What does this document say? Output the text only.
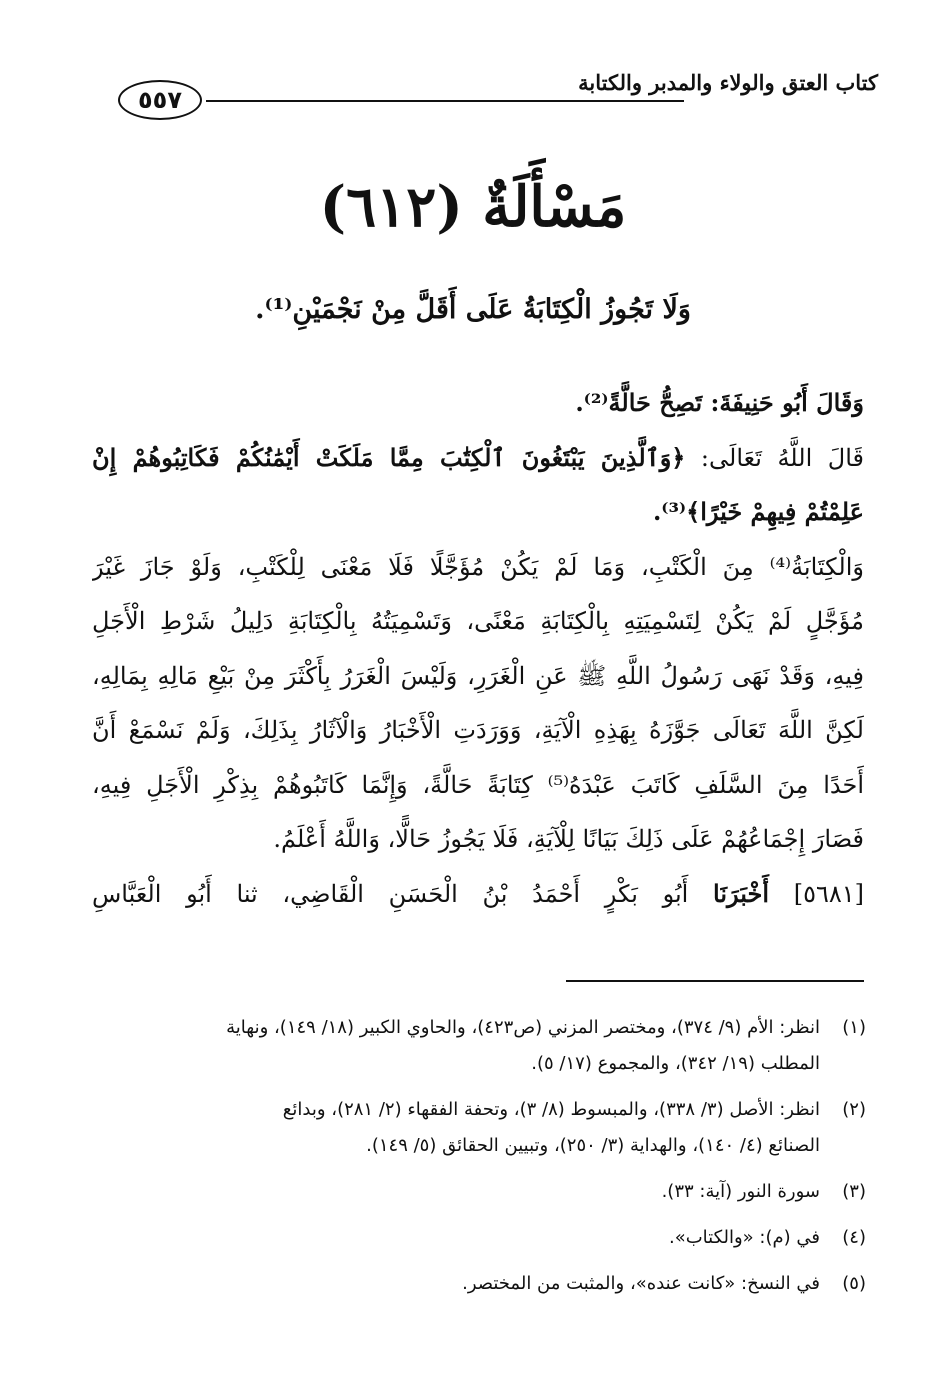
٥٥٧
كتاب العتق والولاء والمدبر والكتابة
مَسْأَلَةٌ (٦١٢)
وَلَا تَجُوزُ الْكِتَابَةُ عَلَى أَقَلَّ مِنْ نَجْمَيْنِ⁽¹⁾.
وَقَالَ أَبُو حَنِيفَةَ: تَصِحُّ حَالَّةً⁽²⁾.
قَالَ اللَّهُ تَعَالَى: ﴿وَٱلَّذِينَ يَبْتَغُونَ ٱلْكِتَٰبَ مِمَّا مَلَكَتْ أَيْمَٰنُكُمْ فَكَاتِبُوهُمْ إِنْ
عَلِمْتُمْ فِيهِمْ خَيْرًا﴾⁽³⁾.
وَالْكِتَابَةُ⁽⁴⁾ مِنَ الْكَتْبِ، وَمَا لَمْ يَكُنْ مُؤَجَّلًا فَلَا مَعْنَى لِلْكَتْبِ، وَلَوْ جَازَ غَيْرَ
مُؤَجَّلٍ لَمْ يَكُنْ لِتَسْمِيَتِهِ بِالْكِتَابَةِ مَعْنًى، وَتَسْمِيَتُهُ بِالْكِتَابَةِ دَلِيلُ شَرْطِ الْأَجَلِ
فِيهِ، وَقَدْ نَهَى رَسُولُ اللَّهِ ﷺ عَنِ الْغَرَرِ، وَلَيْسَ الْغَرَرُ بِأَكْثَرَ مِنْ بَيْعِ مَالِهِ بِمَالِهِ،
لَكِنَّ اللَّهَ تَعَالَى جَوَّزَهُ بِهَذِهِ الْآيَةِ، وَوَرَدَتِ الْأَخْبَارُ وَالْآثَارُ بِذَلِكَ، وَلَمْ نَسْمَعْ أَنَّ
أَحَدًا مِنَ السَّلَفِ كَاتَبَ عَبْدَهُ⁽⁵⁾ كِتَابَةً حَالَّةً، وَإِنَّمَا كَاتَبُوهُمْ بِذِكْرِ الْأَجَلِ فِيهِ،
فَصَارَ إِجْمَاعُهُمْ عَلَى ذَلِكَ بَيَانًا لِلْآيَةِ، فَلَا يَجُوزُ حَالًّا، وَاللَّهُ أَعْلَمُ.
[٥٦٨١] أَخْبَرَنَا أَبُو بَكْرٍ أَحْمَدُ بْنُ الْحَسَنِ الْقَاضِي، ثنا أَبُو الْعَبَّاسِ
(١)
انظر: الأم (٩/ ٣٧٤)، ومختصر المزني (ص٤٢٣)، والحاوي الكبير (١٨/ ١٤٩)، ونهاية
المطلب (١٩/ ٣٤٢)، والمجموع (١٧/ ٥).
(٢)
انظر: الأصل (٣/ ٣٣٨)، والمبسوط (٨/ ٣)، وتحفة الفقهاء (٢/ ٢٨١)، وبدائع
الصنائع (٤/ ١٤٠)، والهداية (٣/ ٢٥٠)، وتبيين الحقائق (٥/ ١٤٩).
(٣)
سورة النور (آية: ٣٣).
(٤)
في (م): «والكتاب».
(٥)
في النسخ: «كانت عنده»، والمثبت من المختصر.
